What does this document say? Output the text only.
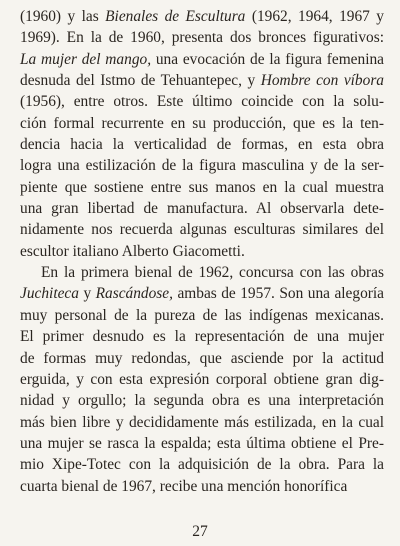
(1960) y las Bienales de Escultura (1962, 1964, 1967 y
1969). En la de 1960, presenta dos bronces figurativos:
La mujer del mango, una evocación de la figura femenina
desnuda del Istmo de Tehuantepec, y Hombre con víbora
(1956), entre otros. Este último coincide con la solu-
ción formal recurrente en su producción, que es la ten-
dencia hacia la verticalidad de formas, en esta obra
logra una estilización de la figura masculina y de la ser-
piente que sostiene entre sus manos en la cual muestra
una gran libertad de manufactura. Al observarla dete-
nidamente nos recuerda algunas esculturas similares del
escultor italiano Alberto Giacometti.
En la primera bienal de 1962, concursa con las obras
Juchiteca y Rascándose, ambas de 1957. Son una alegoría
muy personal de la pureza de las indígenas mexicanas.
El primer desnudo es la representación de una mujer
de formas muy redondas, que asciende por la actitud
erguida, y con esta expresión corporal obtiene gran dig-
nidad y orgullo; la segunda obra es una interpretación
más bien libre y decididamente más estilizada, en la cual
una mujer se rasca la espalda; esta última obtiene el Pre-
mio Xipe-Totec con la adquisición de la obra. Para la
cuarta bienal de 1967, recibe una mención honorífica
27
